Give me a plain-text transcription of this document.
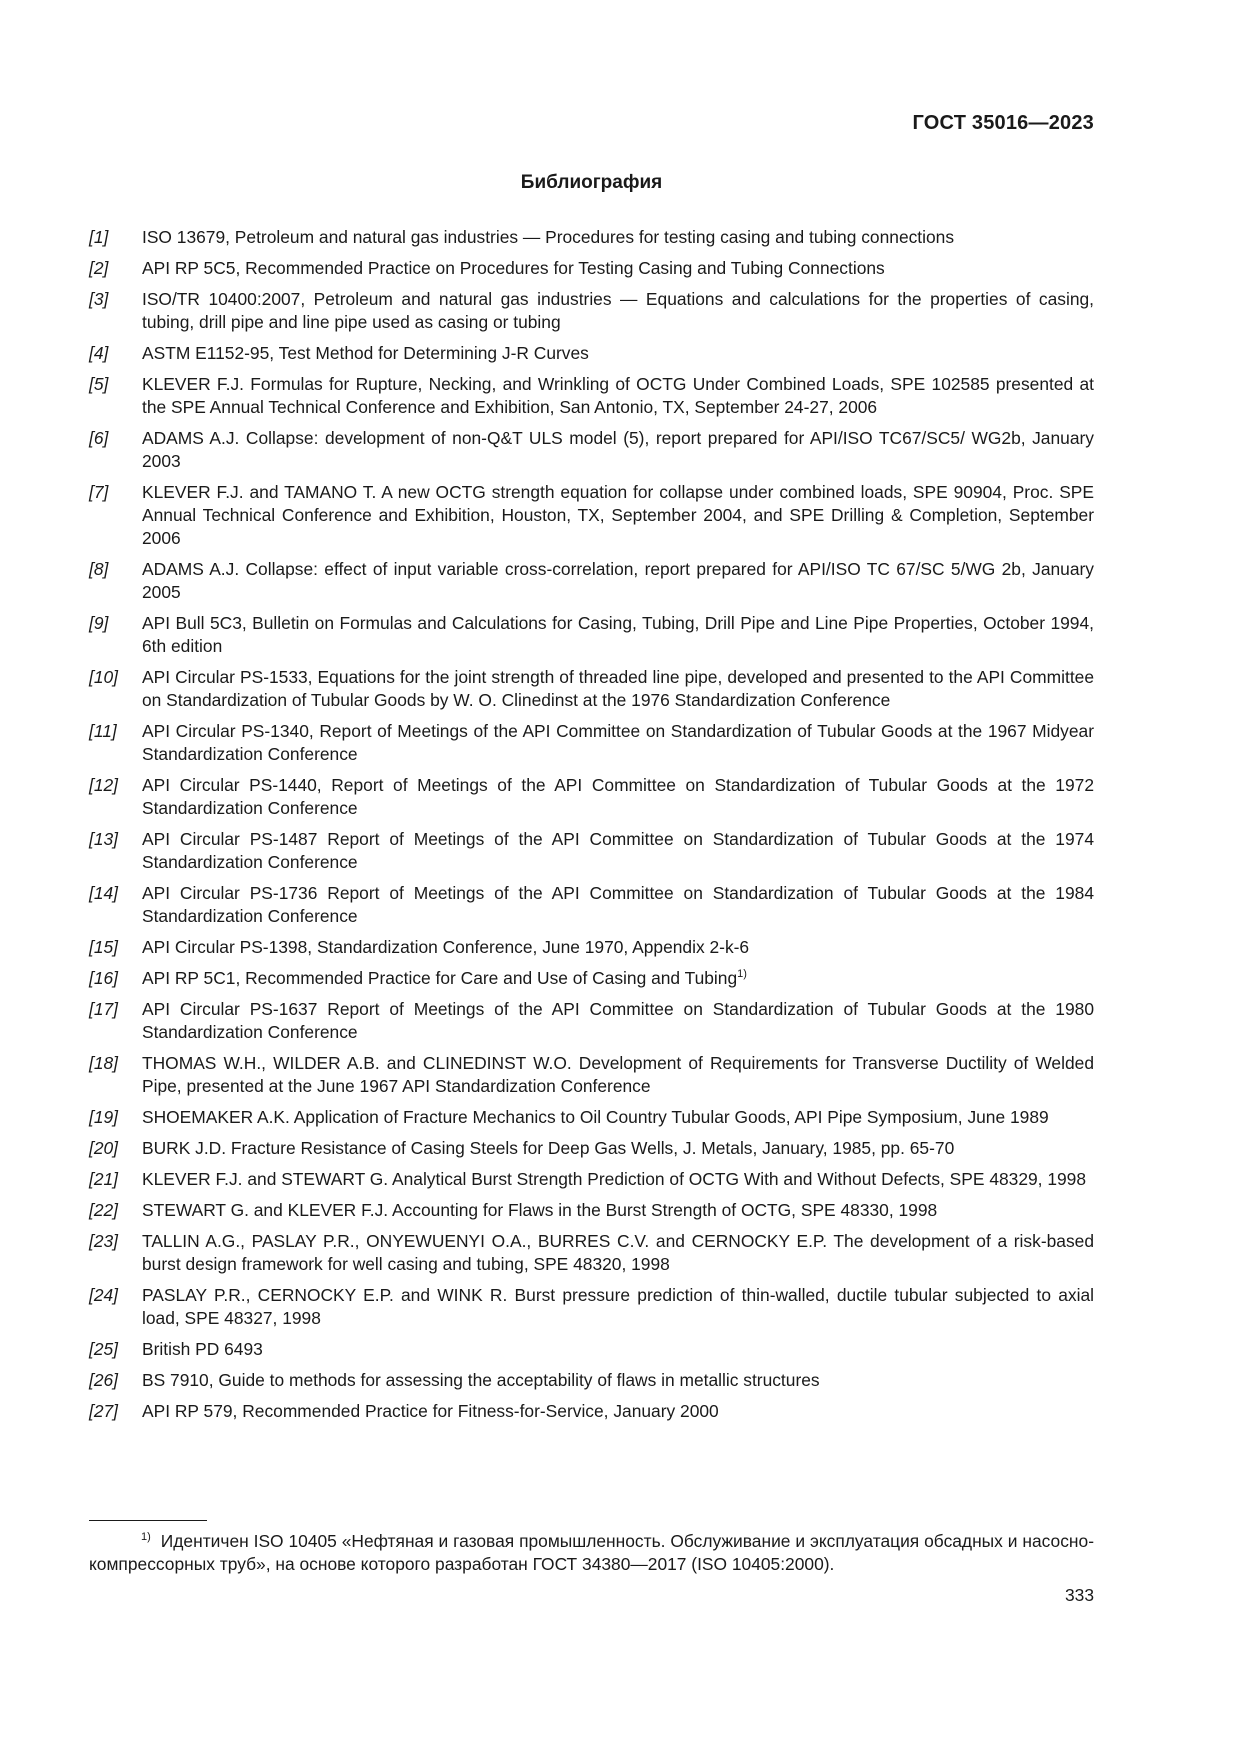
ГОСТ 35016—2023
Библиография
[1]	ISO 13679, Petroleum and natural gas industries — Procedures for testing casing and tubing connections
[2]	API RP 5C5, Recommended Practice on Procedures for Testing Casing and Tubing Connections
[3]	ISO/TR 10400:2007, Petroleum and natural gas industries — Equations and calculations for the properties of casing, tubing, drill pipe and line pipe used as casing or tubing
[4]	ASTM E1152-95, Test Method for Determining J-R Curves
[5]	KLEVER F.J. Formulas for Rupture, Necking, and Wrinkling of OCTG Under Combined Loads, SPE 102585 presented at the SPE Annual Technical Conference and Exhibition, San Antonio, TX, September 24-27, 2006
[6]	ADAMS A.J. Collapse: development of non-Q&T ULS model (5), report prepared for API/ISO TC67/SC5/ WG2b, January 2003
[7]	KLEVER F.J. and TAMANO T. A new OCTG strength equation for collapse under combined loads, SPE 90904, Proc. SPE Annual Technical Conference and Exhibition, Houston, TX, September 2004, and SPE Drilling & Completion, September 2006
[8]	ADAMS A.J. Collapse: effect of input variable cross-correlation, report prepared for API/ISO TC 67/SC 5/WG 2b, January 2005
[9]	API Bull 5C3, Bulletin on Formulas and Calculations for Casing, Tubing, Drill Pipe and Line Pipe Properties, October 1994, 6th edition
[10]	API Circular PS-1533, Equations for the joint strength of threaded line pipe, developed and presented to the API Committee on Standardization of Tubular Goods by W. O. Clinedinst at the 1976 Standardization Conference
[11]	API Circular PS-1340, Report of Meetings of the API Committee on Standardization of Tubular Goods at the 1967 Midyear Standardization Conference
[12]	API Circular PS-1440, Report of Meetings of the API Committee on Standardization of Tubular Goods at the 1972 Standardization Conference
[13]	API Circular PS-1487 Report of Meetings of the API Committee on Standardization of Tubular Goods at the 1974 Standardization Conference
[14]	API Circular PS-1736 Report of Meetings of the API Committee on Standardization of Tubular Goods at the 1984 Standardization Conference
[15]	API Circular PS-1398, Standardization Conference, June 1970, Appendix 2-k-6
[16]	API RP 5C1, Recommended Practice for Care and Use of Casing and Tubing$^{1)}$
[17]	API Circular PS-1637 Report of Meetings of the API Committee on Standardization of Tubular Goods at the 1980 Standardization Conference
[18]	THOMAS W.H., WILDER A.B. and CLINEDINST W.O. Development of Requirements for Transverse Ductility of Welded Pipe, presented at the June 1967 API Standardization Conference
[19]	SHOEMAKER A.K. Application of Fracture Mechanics to Oil Country Tubular Goods, API Pipe Symposium, June 1989
[20]	BURK J.D. Fracture Resistance of Casing Steels for Deep Gas Wells, J. Metals, January, 1985, pp. 65-70
[21]	KLEVER F.J. and STEWART G. Analytical Burst Strength Prediction of OCTG With and Without Defects, SPE 48329, 1998
[22]	STEWART G. and KLEVER F.J. Accounting for Flaws in the Burst Strength of OCTG, SPE 48330, 1998
[23]	TALLIN A.G., PASLAY P.R., ONYEWUENYI O.A., BURRES C.V. and CERNOCKY E.P. The development of a risk-based burst design framework for well casing and tubing, SPE 48320, 1998
[24]	PASLAY P.R., CERNOCKY E.P. and WINK R. Burst pressure prediction of thin-walled, ductile tubular subjected to axial load, SPE 48327, 1998
[25]	British PD 6493
[26]	BS 7910, Guide to methods for assessing the acceptability of flaws in metallic structures
[27]	API RP 579, Recommended Practice for Fitness-for-Service, January 2000
1) Идентичен ISO 10405 «Нефтяная и газовая промышленность. Обслуживание и эксплуатация обсадных и насосно-компрессорных труб», на основе которого разработан ГОСТ 34380—2017 (ISO 10405:2000).
333
